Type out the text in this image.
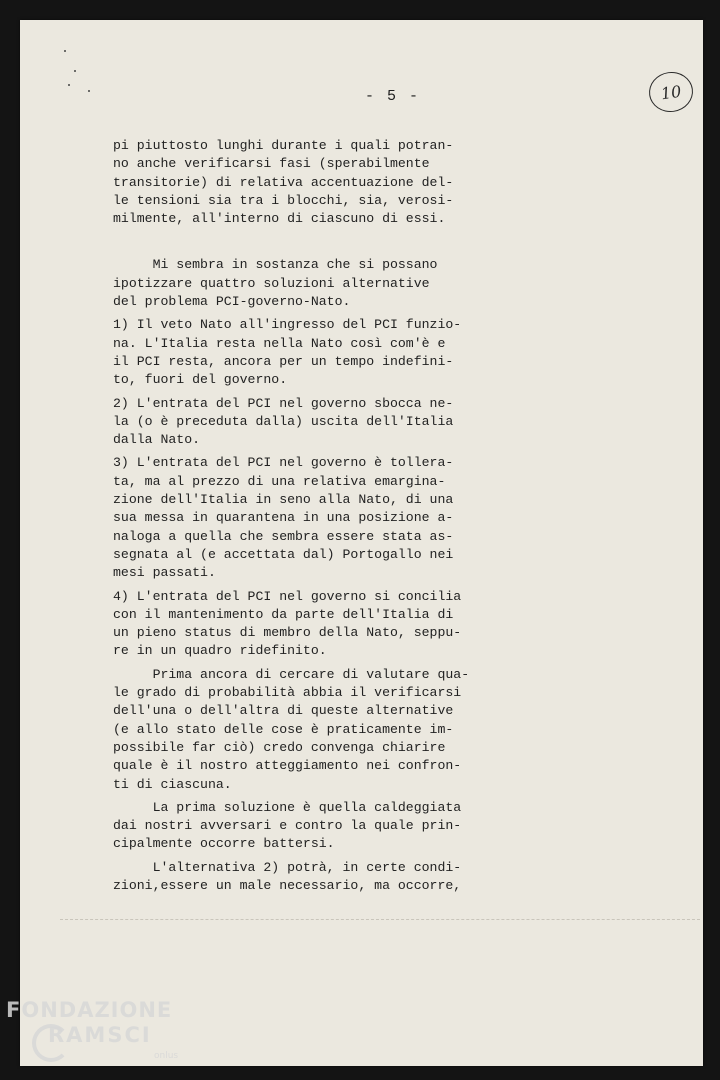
- 5 -	10
pi piuttosto lunghi durante i quali potran-
no anche verificarsi fasi (sperabilmente
transitorie) di relativa accentuazione del-
le tensioni sia tra i blocchi, sia, verosi-
milmente, all'interno di ciascuno di essi.
Mi sembra in sostanza che si possano
ipotizzare quattro soluzioni alternative
del problema PCI-governo-Nato.
1) Il veto Nato all'ingresso del PCI funzio-
na. L'Italia resta nella Nato così com'è e
il PCI resta, ancora per un tempo indefini-
to, fuori del governo.
2) L'entrata del PCI nel governo sbocca ne-
la (o è preceduta dalla) uscita dell'Italia
dalla Nato.
3) L'entrata del PCI nel governo è tollera-
ta, ma al prezzo di una relativa emargina-
zione dell'Italia in seno alla Nato, di una
sua messa in quarantena in una posizione a-
naloga a quella che sembra essere stata as-
segnata al (e accettata dal) Portogallo nei
mesi passati.
4) L'entrata del PCI nel governo si concilia
con il mantenimento da parte dell'Italia di
un pieno status di membro della Nato, seppu-
re in un quadro ridefinito.
Prima ancora di cercare di valutare qua-
le grado di probabilità abbia il verificarsi
dell'una o dell'altra di queste alternative
(e allo stato delle cose è praticamente im-
possibile far ciò) credo convenga chiarire
quale è il nostro atteggiamento nei confron-
ti di ciascuna.
La prima soluzione è quella caldeggiata
dai nostri avversari e contro la quale prin-
cipalmente occorre battersi.
L'alternativa 2) potrà, in certe condi-
zioni,essere un male necessario, ma occorre,
FONDAZIONE
RAMSCI
onlus
